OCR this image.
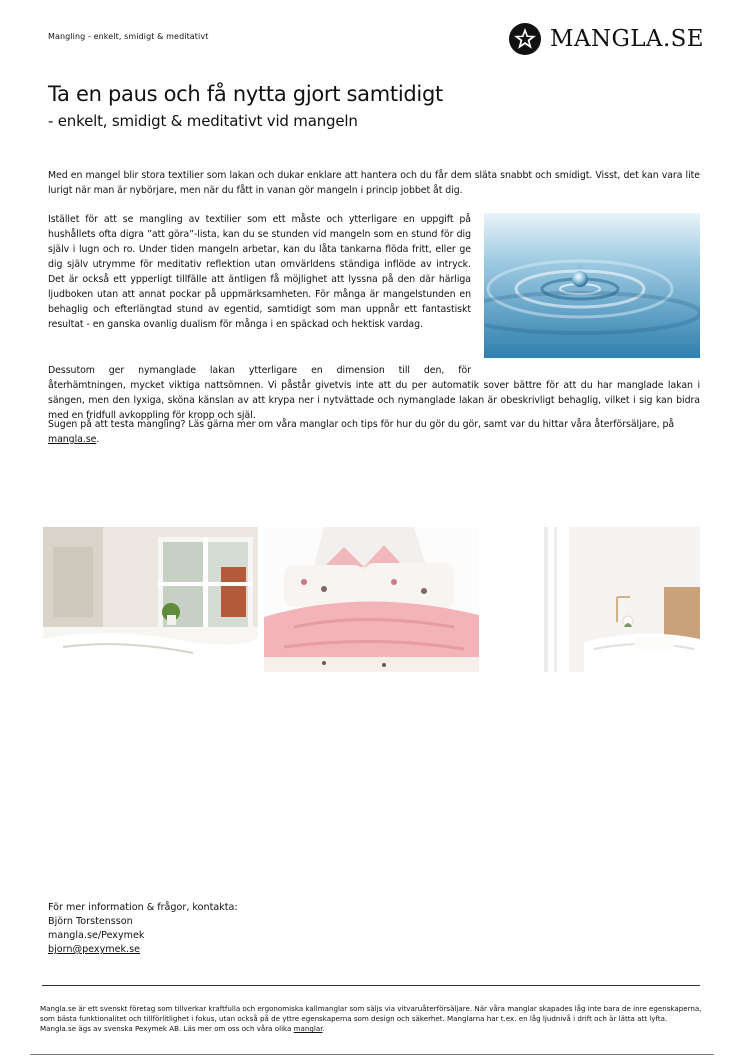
Mangling - enkelt, smidigt & meditativt	MANGLA.SE
Ta en paus och få nytta gjort samtidigt
- enkelt, smidigt & meditativt vid mangeln

Med en mangel blir stora textilier som lakan och dukar enklare att hantera och du får dem släta snabbt och smidigt. Visst, det kan vara lite lurigt när man är nybörjare, men när du fått in vanan gör mangeln i princip jobbet åt dig.

Istället för att se mangling av textilier som ett måste och ytterligare en uppgift på hushållets ofta digra ”att göra”-lista, kan du se stunden vid mangeln som en stund för dig själv i lugn och ro. Under tiden mangeln arbetar, kan du låta tankarna flöda fritt, eller ge dig själv utrymme för meditativ reflektion utan omvärldens ständiga inflöde av intryck. Det är också ett ypperligt tillfälle att äntligen få möjlighet att lyssna på den där härliga ljudboken utan att annat pockar på uppmärksamheten. För många är mangelstunden en behaglig och efterlängtad stund av egentid, samtidigt som man uppnår ett fantastiskt resultat - en ganska ovanlig dualism för många i en späckad och hektisk vardag.

Dessutom ger nymanglade lakan ytterligare en dimension till den, för
återhämtningen, mycket viktiga nattsömnen. Vi påstår givetvis inte att du per automatik sover bättre för att du har manglade lakan i sängen, men den lyxiga, sköna känslan av att krypa ner i nytvättade och nymanglade lakan är obeskrivligt behaglig, vilket i sig kan bidra med en fridfull avkoppling för kropp och själ.

Sugen på att testa mangling? Läs gärna mer om våra manglar och tips för hur du gör du gör, samt var du hittar våra återförsäljare, på mangla.se.

För mer information & frågor, kontakta:
Björn Torstensson
mangla.se/Pexymek
bjorn@pexymek.se

Mangla.se är ett svenskt företag som tillverkar kraftfulla och ergonomiska kallmanglar som säljs via vitvaruåterförsäljare. När våra manglar skapades låg inte bara de inre egenskaperna, som bästa funktionalitet och tillförlitlighet i fokus, utan också på de yttre egenskaperna som design och säkerhet. Manglarna har t.ex. en låg ljudnivå i drift och är lätta att lyfta. Mangla.se ägs av svenska Pexymek AB. Läs mer om oss och våra olika manglar.
